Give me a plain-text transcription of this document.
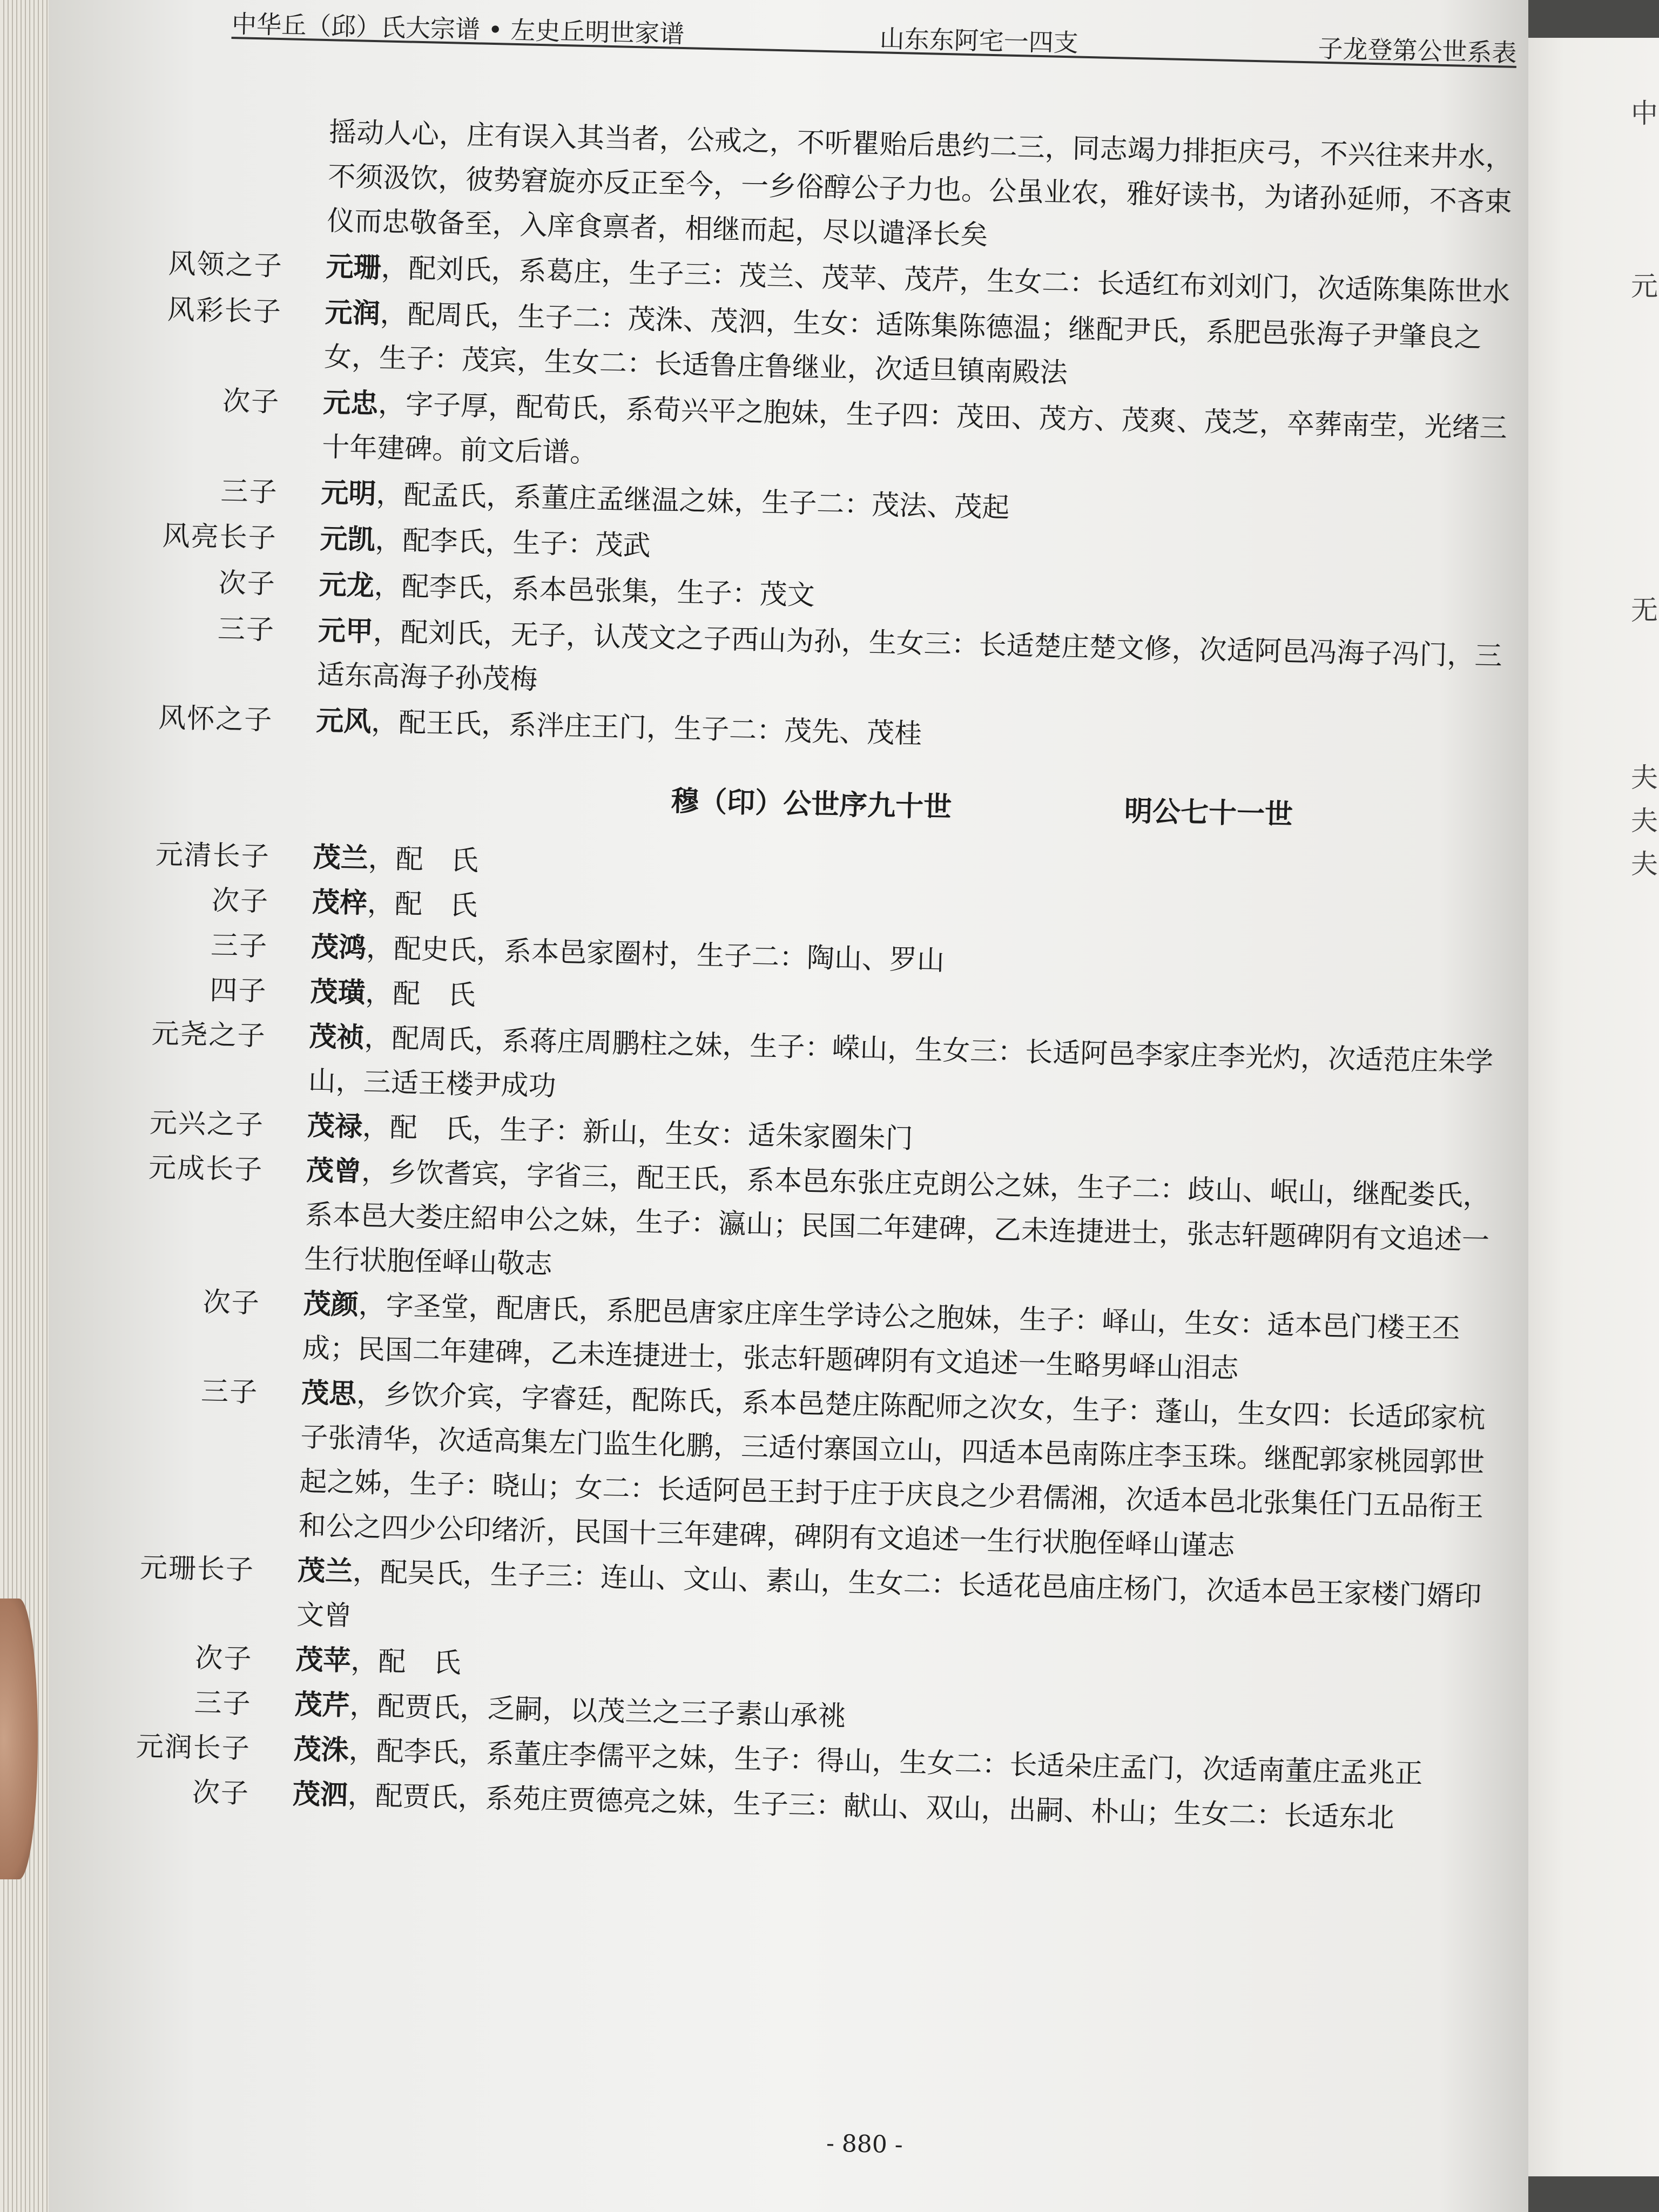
中
元
无
夫
夫
夫
中华丘（邱）氏大宗谱 • 左史丘明世家谱	山东东阿宅一四支	子龙登第公世系表
摇动人心，庄有误入其当者，公戒之，不听瞿贻后患约二三，同志竭力排拒庆弓，不兴往来井水，不须汲饮，彼势窘旋亦反正至今，一乡俗醇公子力也。公虽业农，雅好读书，为诸孙延师，不吝束仪而忠敬备至，入庠食禀者，相继而起，尽以谴泽长矣
风领之子 元珊，配刘氏，系葛庄，生子三：茂兰、茂苹、茂芹，生女二：长适红布刘刘门，次适陈集陈世水
风彩长子 元润，配周氏，生子二：茂洙、茂泗，生女：适陈集陈德温；继配尹氏，系肥邑张海子尹肇良之女，生子：茂宾，生女二：长适鲁庄鲁继业，次适旦镇南殿法
次子 元忠，字子厚，配荀氏，系荀兴平之胞妹，生子四：茂田、茂方、茂爽、茂芝，卒葬南茔，光绪三十年建碑。前文后谱。
三子 元明，配孟氏，系董庄孟继温之妹，生子二：茂法、茂起
风亮长子 元凯，配李氏，生子：茂武
次子 元龙，配李氏，系本邑张集，生子：茂文
三子 元甲，配刘氏，无子，认茂文之子西山为孙，生女三：长适楚庄楚文修，次适阿邑冯海子冯门，三适东高海子孙茂梅
风怀之子 元风，配王氏，系泮庄王门，生子二：茂先、茂桂
穆（印）公世序九十世	明公七十一世
元清长子 茂兰，配　氏
次子 茂梓，配　氏
三子 茂鸿，配史氏，系本邑家圈村，生子二：陶山、罗山
四子 茂璜，配　氏
元尧之子 茂祯，配周氏，系蒋庄周鹏柱之妹，生子：嵘山，生女三：长适阿邑李家庄李光灼，次适范庄朱学山，三适王楼尹成功
元兴之子 茂禄，配　氏，生子：新山，生女：适朱家圈朱门
元成长子 茂曾，乡饮耆宾，字省三，配王氏，系本邑东张庄克朗公之妹，生子二：歧山、岷山，继配娄氏，系本邑大娄庄紹申公之妹，生子：瀛山；民国二年建碑，乙未连捷进士，张志轩题碑阴有文追述一生行状胞侄峄山敬志
次子 茂颜，字圣堂，配唐氏，系肥邑唐家庄庠生学诗公之胞妹，生子：峄山，生女：适本邑门楼王丕成；民国二年建碑，乙未连捷进士，张志轩题碑阴有文追述一生略男峄山泪志
三子 茂思，乡饮介宾，字睿廷，配陈氏，系本邑楚庄陈配师之次女，生子：蓬山，生女四：长适邱家杭子张清华，次适高集左门监生化鹏，三适付寨国立山，四适本邑南陈庄李玉珠。继配郭家桃园郭世起之姊，生子：晓山；女二：长适阿邑王封于庄于庆良之少君儒湘，次适本邑北张集任门五品衔王和公之四少公印绪沂，民国十三年建碑，碑阴有文追述一生行状胞侄峄山谨志
元珊长子 茂兰，配吴氏，生子三：连山、文山、素山，生女二：长适花邑庙庄杨门，次适本邑王家楼门婿印文曾
次子 茂苹，配　氏
三子 茂芹，配贾氏，乏嗣，以茂兰之三子素山承祧
元润长子 茂洙，配李氏，系董庄李儒平之妹，生子：得山，生女二：长适朵庄孟门，次适南董庄孟兆正
次子 茂泗，配贾氏，系苑庄贾德亮之妹，生子三：献山、双山，出嗣、朴山；生女二：长适东北
- 880 -
